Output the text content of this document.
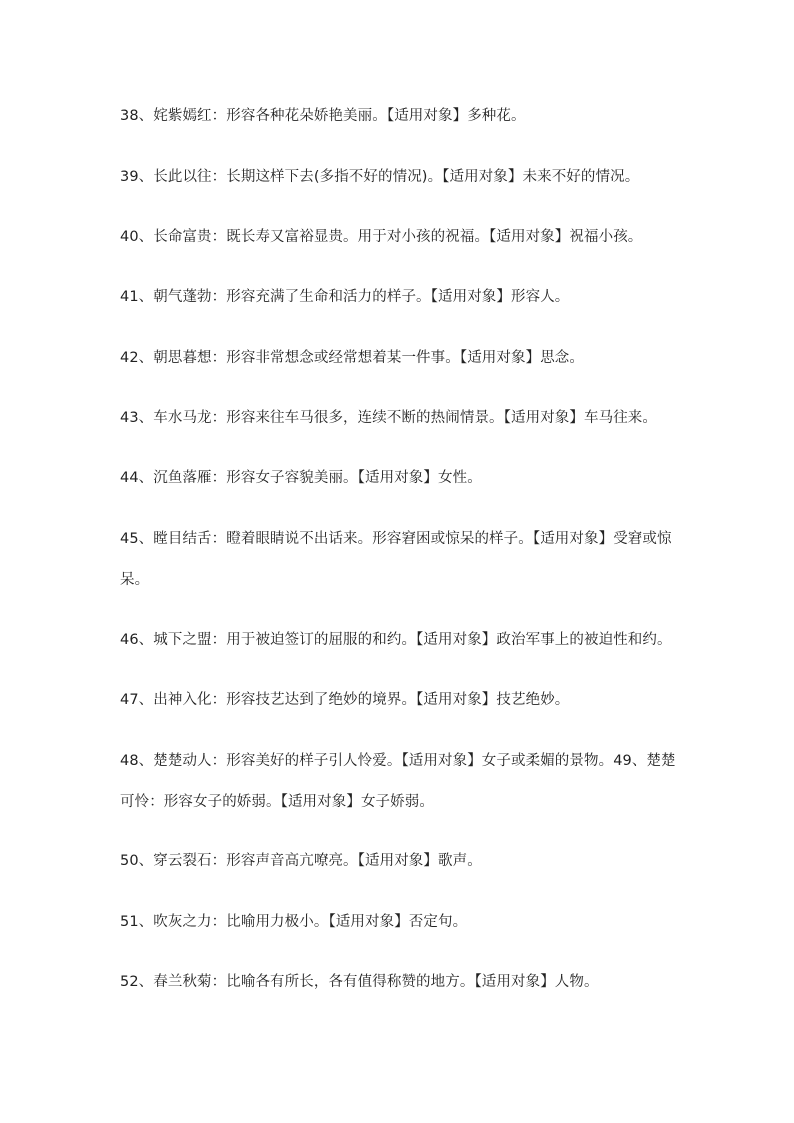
38、姹紫嫣红：形容各种花朵娇艳美丽。【适用对象】多种花。

39、长此以往：长期这样下去(多指不好的情况)。【适用对象】未来不好的情况。

40、长命富贵：既长寿又富裕显贵。用于对小孩的祝福。【适用对象】祝福小孩。

41、朝气蓬勃：形容充满了生命和活力的样子。【适用对象】形容人。

42、朝思暮想：形容非常想念或经常想着某一件事。【适用对象】思念。

43、车水马龙：形容来往车马很多，连续不断的热闹情景。【适用对象】车马往来。

44、沉鱼落雁：形容女子容貌美丽。【适用对象】女性。

45、瞠目结舌：瞪着眼睛说不出话来。形容窘困或惊呆的样子。【适用对象】受窘或惊呆。

46、城下之盟：用于被迫签订的屈服的和约。【适用对象】政治军事上的被迫性和约。

47、出神入化：形容技艺达到了绝妙的境界。【适用对象】技艺绝妙。

48、楚楚动人：形容美好的样子引人怜爱。【适用对象】女子或柔媚的景物。49、楚楚可怜：形容女子的娇弱。【适用对象】女子娇弱。

50、穿云裂石：形容声音高亢嘹亮。【适用对象】歌声。

51、吹灰之力：比喻用力极小。【适用对象】否定句。

52、春兰秋菊：比喻各有所长，各有值得称赞的地方。【适用对象】人物。
